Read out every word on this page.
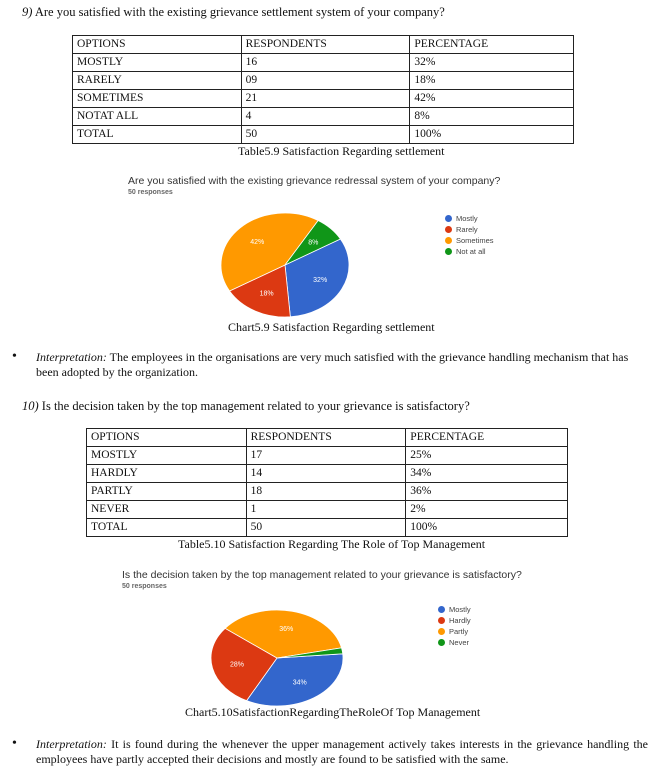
9) Are you satisfied with the existing grievance settlement system of your company?
OPTIONS	RESPONDENTS	PERCENTAGE
MOSTLY	16	32%
RARELY	09	18%
SOMETIMES	21	42%
NOTAT ALL	4	8%
TOTAL	50	100%
Table5.9 Satisfaction Regarding settlement
Are you satisfied with the existing grievance redressal system of your company?
50 responses
32%
18%
42%	8%
Mostly
Rarely
Sometimes
Not at all
Chart5.9 Satisfaction Regarding settlement
• Interpretation: The employees in the organisations are very much satisfied with the grievance handling mechanism that has been adopted by the organization.
10) Is the decision taken by the top management related to your grievance is satisfactory?
OPTIONS	RESPONDENTS	PERCENTAGE
MOSTLY	17	25%
HARDLY	14	34%
PARTLY	18	36%
NEVER	1	2%
TOTAL	50	100%
Table5.10 Satisfaction Regarding The Role of Top Management
Is the decision taken by the top management related to your grievance is satisfactory?
50 responses
34%
28%
36%
Mostly
Hardly
Partly
Never
Chart5.10SatisfactionRegardingTheRoleOf Top Management
• Interpretation: It is found during the whenever the upper management actively takes interests in the grievance handling the employees have partly accepted their decisions and mostly are found to be satisfied with the same.
